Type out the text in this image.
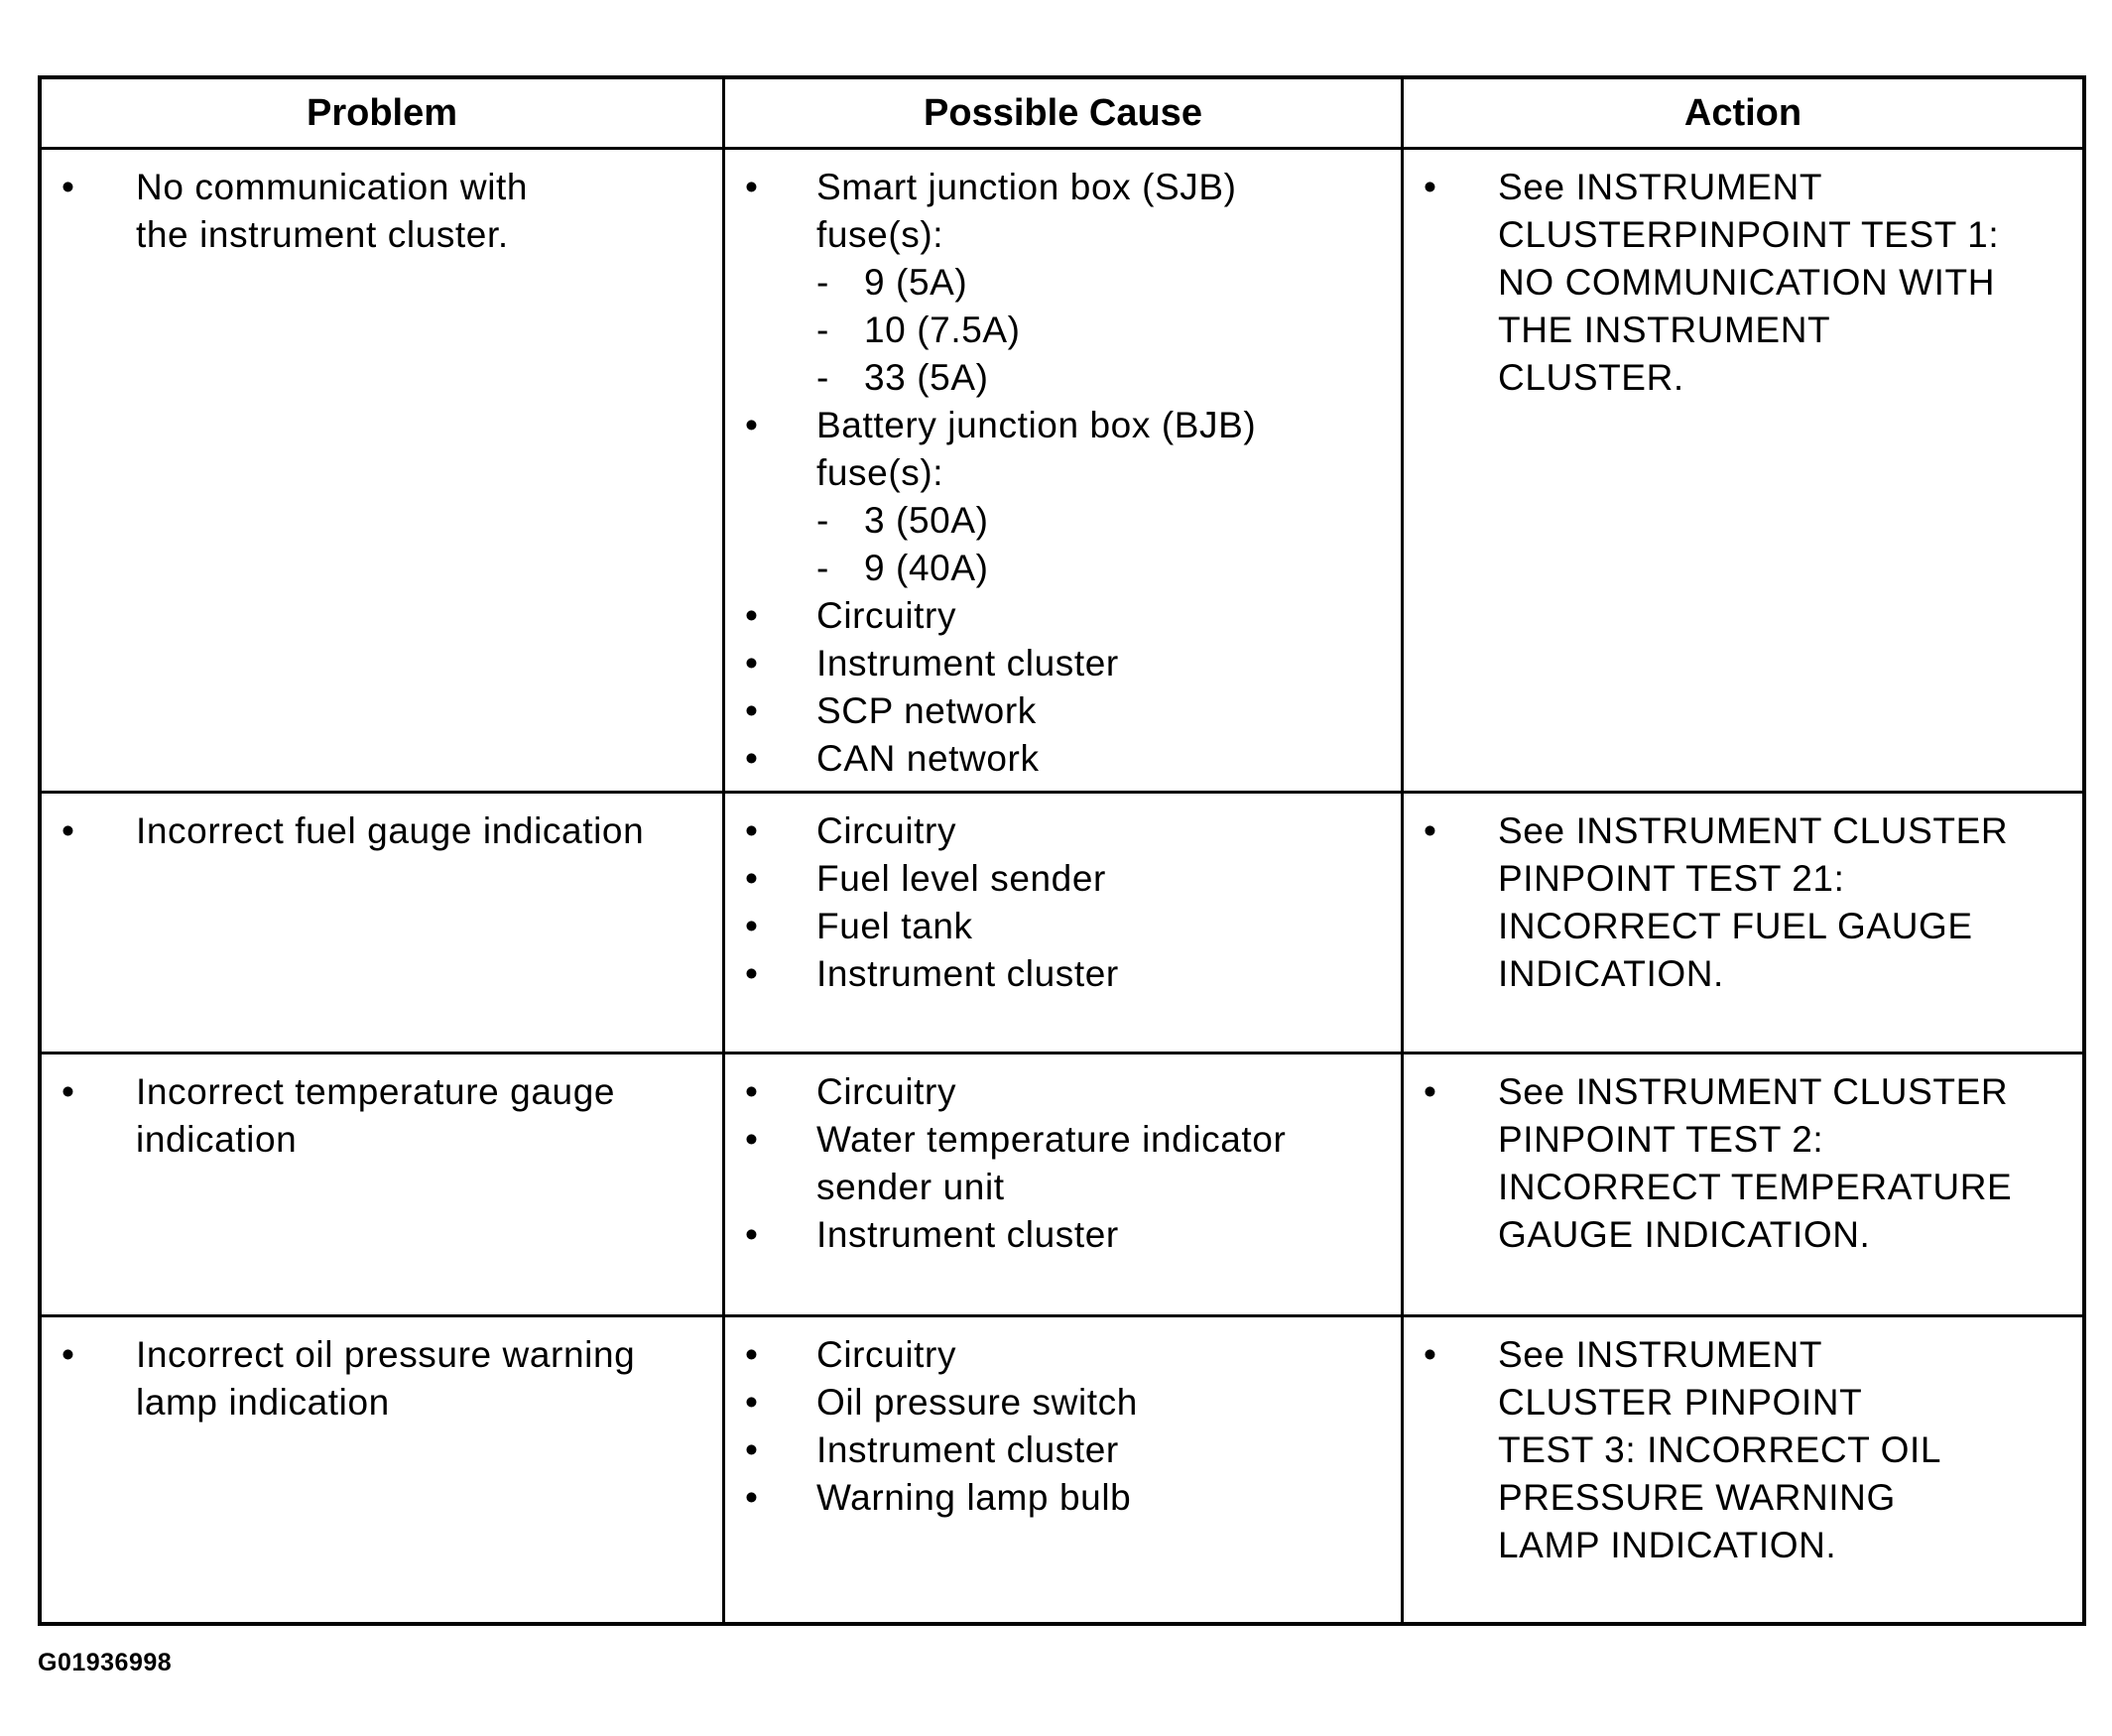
Problem	Possible Cause	Action
• No communication with the instrument cluster.
• Smart junction box (SJB) fuse(s):
- 9 (5A)
- 10 (7.5A)
- 33 (5A)
• Battery junction box (BJB) fuse(s):
- 3 (50A)
- 9 (40A)
• Circuitry
• Instrument cluster
• SCP network
• CAN network
• See INSTRUMENT CLUSTERPINPOINT TEST 1: NO COMMUNICATION WITH THE INSTRUMENT CLUSTER.
• Incorrect fuel gauge indication
•	Circuitry
• Fuel level sender
• Fuel tank
• Instrument cluster
• See INSTRUMENT CLUSTER PINPOINT TEST 21: INCORRECT FUEL GAUGE INDICATION.
• Incorrect temperature gauge indication
• Circuitry
• Water temperature indicator sender unit
• Instrument cluster
• See INSTRUMENT CLUSTER PINPOINT TEST 2: INCORRECT TEMPERATURE GAUGE INDICATION.
• Incorrect oil pressure warning lamp indication
• Circuitry
• Oil pressure switch
• Instrument cluster
• Warning lamp bulb
• See INSTRUMENT CLUSTER PINPOINT TEST 3: INCORRECT OIL PRESSURE WARNING LAMP INDICATION.
G01936998
